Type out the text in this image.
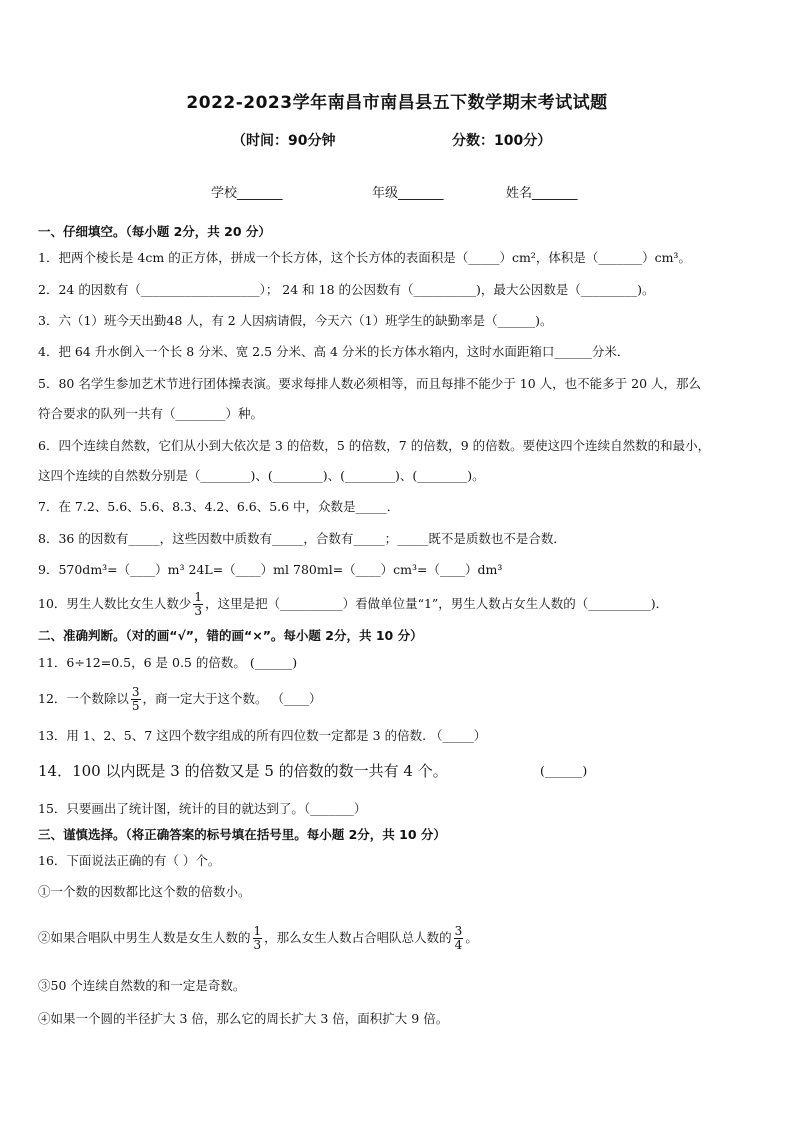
2022-2023学年南昌市南昌县五下数学期末考试试题
（时间：90分钟	分数：100分）
学校_______	年级_______	姓名_______
一、仔细填空。（每小题 2分，共 20 分）
1．把两个棱长是 4cm 的正方体，拼成一个长方体，这个长方体的表面积是（_____）cm²，体积是（_______）cm³。
2．24 的因数有（___________________）； 24 和 18 的公因数有（__________)，最大公因数是（_________)。
3．六（1）班今天出勤48 人，有 2 人因病请假，今天六（1）班学生的缺勤率是（______)。
4．把 64 升水倒入一个长 8 分米、宽 2.5 分米、高 4 分米的长方体水箱内，这时水面距箱口______分米．
5．80 名学生参加艺术节进行团体操表演。要求每排人数必须相等，而且每排不能少于 10 人，也不能多于 20 人，那么
符合要求的队列一共有（________）种。
6．四个连续自然数，它们从小到大依次是 3 的倍数，5 的倍数，7 的倍数，9 的倍数。要使这四个连续自然数的和最小，
这四个连续的自然数分别是（________)、(________)、(________)、(________)。
7．在 7.2、5.6、5.6、8.3、4.2、6.6、5.6 中，众数是_____．
8．36 的因数有_____，这些因数中质数有_____，合数有_____；_____既不是质数也不是合数．
9．570dm³=（____）m³ 24L=（____）ml 780ml=（____）cm³=（____）dm³
10．男生人数比女生人数少 $\frac{1}{3}$ ，这里是把（__________）看做单位量“1”，男生人数占女生人数的（__________)．
二、准确判断。（对的画“√”，错的画“×”。每小题 2分，共 10 分）
11．6÷12=0.5，6 是 0.5 的倍数。 (______)
12．一个数除以 $\frac{3}{5}$ ，商一定大于这个数。 （____）
13．用 1、2、5、7 这四个数字组成的所有四位数一定都是 3 的倍数. （_____）
14．100 以内既是 3 的倍数又是 5 的倍数的数一共有 4 个。	(______)
15．只要画出了统计图，统计的目的就达到了。（_______）
三、谨慎选择。（将正确答案的标号填在括号里。每小题 2分，共 10 分）
16．下面说法正确的有（ ）个。
①一个数的因数都比这个数的倍数小。
②如果合唱队中男生人数是女生人数的 $\frac{1}{3}$ ，那么女生人数占合唱队总人数的 $\frac{3}{4}$ 。
③50 个连续自然数的和一定是奇数。
④如果一个圆的半径扩大 3 倍，那么它的周长扩大 3 倍，面积扩大 9 倍。
